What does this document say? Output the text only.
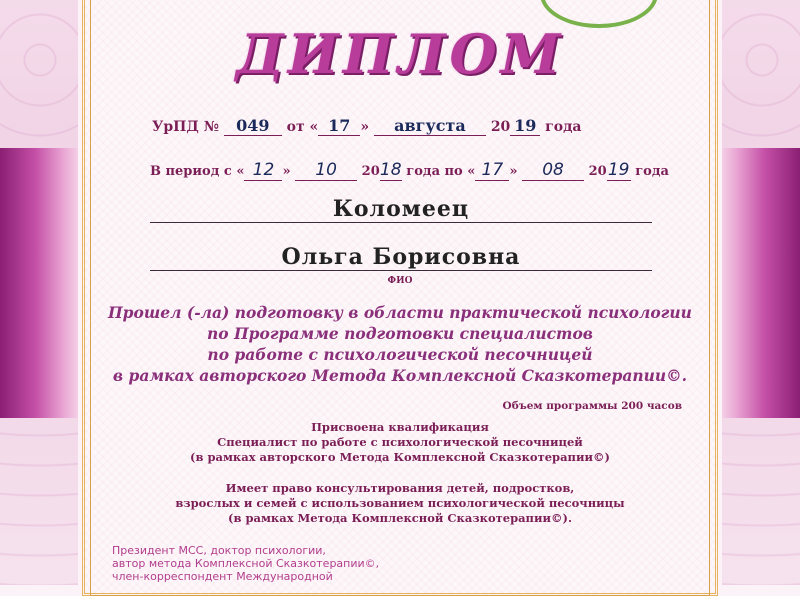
ДИПЛОМ
УрПД № 049 от « 17 » августа 20 19 года
В период с « 12 » 10 2018 года по « 17 » 08 2019 года
Коломеец
Ольга Борисовна
ФИО
Прошел (-ла) подготовку в области практической психологии
по Программе подготовки специалистов
по работе с психологической песочницей
в рамках авторского Метода Комплексной Сказкотерапии©.
Объем программы 200 часов
Присвоена квалификация
Специалист по работе с психологической песочницей
(в рамках авторского Метода Комплексной Сказкотерапии©)
Имеет право консультирования детей, подростков,
взрослых и семей с использованием психологической песочницы
(в рамках Метода Комплексной Сказкотерапии©).
Президент МСС, доктор психологии,
автор метода Комплексной Сказкотерапии©,
член-корреспондент Международной
